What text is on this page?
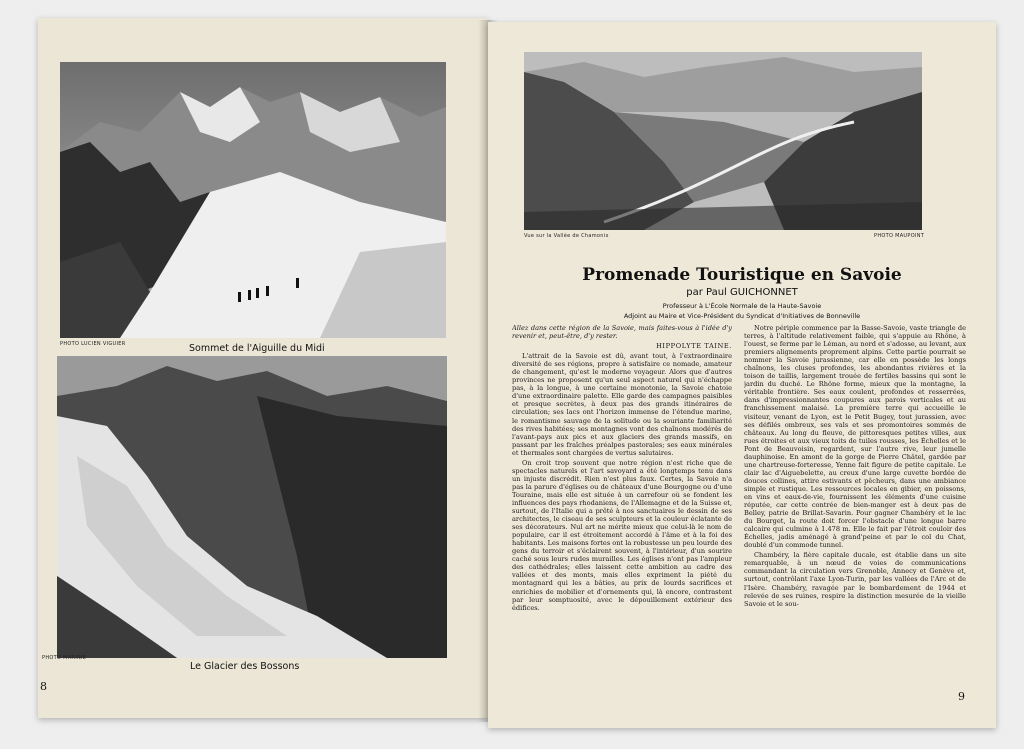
PHOTO LUCIEN VIGUIER	Sommet de l'Aiguille du Midi
PHOTO MARINIE
Le Glacier des Bossons
8
Vue sur la Vallée de Chamonix	PHOTO MAUPOINT
Promenade Touristique en Savoie
par Paul GUICHONNET
Professeur à L'École Normale de la Haute-Savoie
Adjoint au Maire et Vice-Président du Syndicat d'Initiatives de Bonneville

Allez dans cette région de la Savoie, mais faites-vous à l'idée d'y revenir et, peut-être, d'y rester.

HIPPOLYTE TAINE.

L'attrait de la Savoie est dû, avant tout, à l'extraordinaire diversité de ses régions, propre à satisfaire ce nomade, amateur de changement, qu'est le moderne voyageur. Alors que d'autres provinces ne proposent qu'un seul aspect naturel qui n'échappe pas, à la longue, à une certaine monotonie, la Savoie chatoie d'une extraordinaire palette. Elle garde des campagnes paisibles et presque secrètes, à deux pas des grands itinéraires de circulation; ses lacs ont l'horizon immense de l'étendue marine, le romantisme sauvage de la solitude ou la souriante familiarité des rives habitées; ses montagnes vont des chaînons modérés de l'avant-pays aux pics et aux glaciers des grands massifs, en passant par les fraîches préalpes pastorales; ses eaux minérales et thermales sont chargées de vertus salutaires.

On croit trop souvent que notre région n'est riche que de spectacles naturels et l'art savoyard a été longtemps tenu dans un injuste discrédit. Rien n'est plus faux. Certes, la Savoie n'a pas la parure d'églises ou de châteaux d'une Bourgogne ou d'une Touraine, mais elle est située à un carrefour où se fondent les influences des pays rhodaniens, de l'Allemagne et de la Suisse et, surtout, de l'Italie qui a prêté à nos sanctuaires le dessin de ses architectes, le ciseau de ses sculpteurs et la couleur éclatante de ses décorateurs. Nul art ne mérite mieux que celui-là le nom de populaire, car il est étroitement accordé à l'âme et à la foi des habitants. Les maisons fortes ont la robustesse un peu lourde des gens du terroir et s'éclairent souvent, à l'intérieur, d'un sourire caché sous leurs rudes murailles. Les églises n'ont pas l'ampleur des cathédrales; elles laissent cette ambition au cadre des vallées et des monts, mais elles expriment la piété du montagnard qui les a bâties, au prix de lourds sacrifices et enrichies de mobilier et d'ornements qui, là encore, contrastent par leur somptuosité, avec le dépouillement extérieur des édifices.

Notre périple commence par la Basse-Savoie, vaste triangle de terres, à l'altitude relativement faible, qui s'appuie au Rhône, à l'ouest, se ferme par le Léman, au nord et s'adosse, au levant, aux premiers alignements proprement alpins. Cette partie pourrait se nommer la Savoie jurassienne, car elle en possède les longs chaînons, les cluses profondes, les abondantes rivières et la toison de taillis, largement trouée de fertiles bassins qui sont le jardin du duché. Le Rhône forme, mieux que la montagne, la véritable frontière. Ses eaux coulent, profondes et resserrées, dans d'impressionnantes coupures aux parois verticales et au franchissement malaisé. La première terre qui accueille le visiteur, venant de Lyon, est le Petit Bugey, tout jurassien, avec ses défilés ombreux, ses vals et ses promontoires sommés de châteaux. Au long du fleuve, de pittoresques petites villes, aux rues étroites et aux vieux toits de tuiles rousses, les Échelles et le Pont de Beauvoisin, regardent, sur l'autre rive, leur jumelle dauphinoise. En amont de la gorge de Pierre Châtel, gardée par une chartreuse-forteresse, Yenne fait figure de petite capitale. Le clair lac d'Aiguebelette, au creux d'une large cuvette bordée de douces collines, attire estivants et pêcheurs, dans une ambiance simple et rustique. Les ressources locales en gibier, en poissons, en vins et eaux-de-vie, fournissent les éléments d'une cuisine réputée, car cette contrée de bien-manger est à deux pas de Belley, patrie de Brillat-Savarin. Pour gagner Chambéry et le lac du Bourget, la route doit forcer l'obstacle d'une longue barre calcaire qui culmine à 1.478 m. Elle le fait par l'étroit couloir des Échelles, jadis aménagé à grand'peine et par le col du Chat, doublé d'un commode tunnel.

Chambéry, la fière capitale ducale, est établie dans un site remarquable, à un nœud de voies de communications commandant la circulation vers Grenoble, Annecy et Genève et, surtout, contrôlant l'axe Lyon-Turin, par les vallées de l'Arc et de l'Isère. Chambéry, ravagée par le bombardement de 1944 et relevée de ses ruines, respire la distinction mesurée de la vieille Savoie et le sou-

9
